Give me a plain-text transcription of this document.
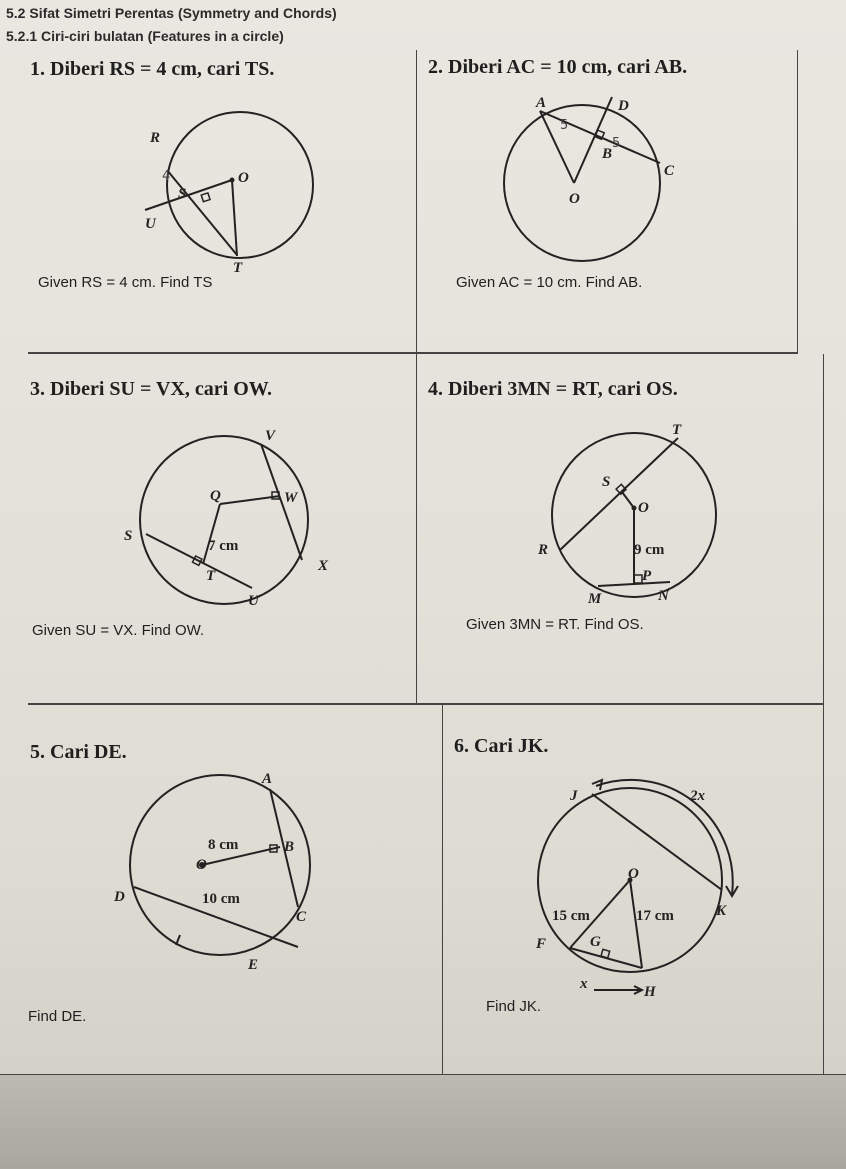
5.2 Sifat Simetri Perentas (Symmetry and Chords)
5.2.1 Ciri-ciri bulatan (Features in a circle)
1. Diberi RS = 4 cm, cari TS.
R
S
O
U
T
4
Given RS = 4 cm. Find TS
2. Diberi AC = 10 cm, cari AB.
A	D
B
C
O
5
5
Given AC = 10 cm. Find AB.
3. Diberi SU = VX, cari OW.
V
Q	W
S
7 cm
T
X
U
Given SU = VX. Find OW.
4. Diberi 3MN = RT, cari OS.
T
S
O
R	9 cm
P
M	N
Given 3MN = RT. Find OS.
5. Cari DE.
A
8 cm	B
O
D	10 cm
C
E
Find DE.
6. Cari JK.
J	2x
O
15 cm	17 cm	K
F	G
x	H
Find JK.
